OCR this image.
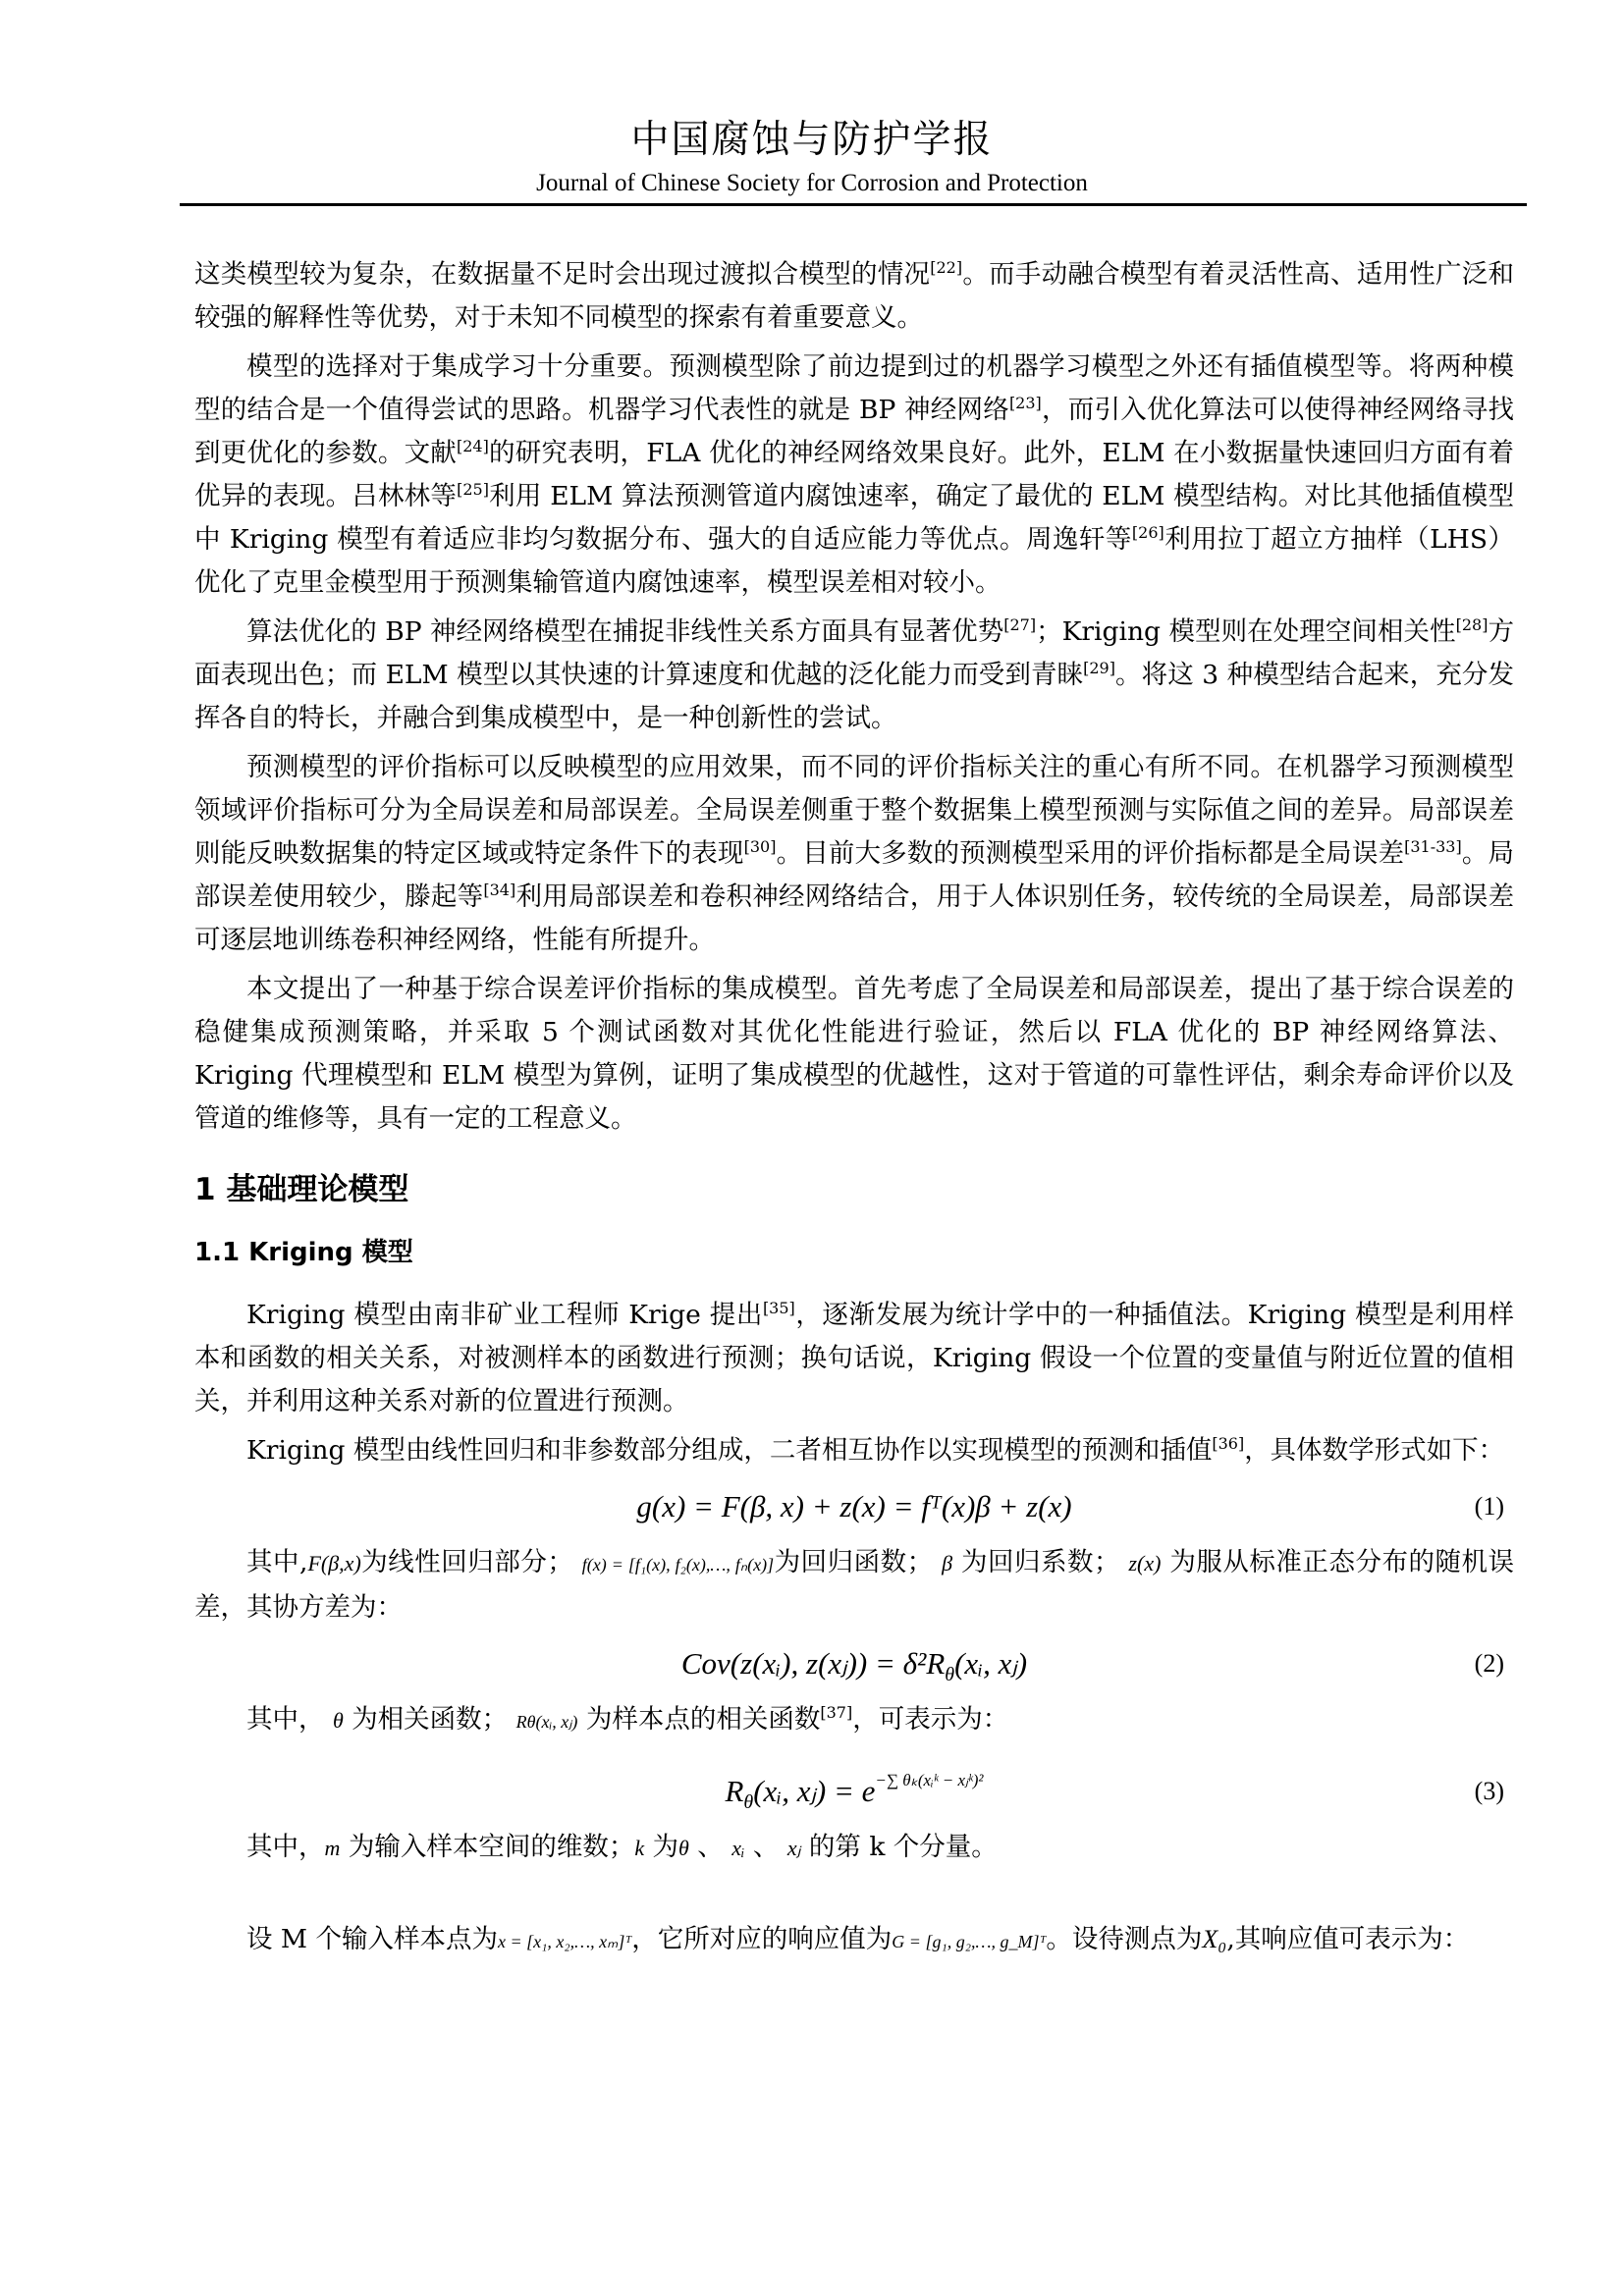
中国腐蚀与防护学报
Journal of Chinese Society for Corrosion and Protection

这类模型较为复杂，在数据量不足时会出现过渡拟合模型的情况[22]。而手动融合模型有着灵活性高、适用性广泛和较强的解释性等优势，对于未知不同模型的探索有着重要意义。

模型的选择对于集成学习十分重要。预测模型除了前边提到过的机器学习模型之外还有插值模型等。将两种模型的结合是一个值得尝试的思路。机器学习代表性的就是 BP 神经网络[23]，而引入优化算法可以使得神经网络寻找到更优化的参数。文献[24]的研究表明，FLA 优化的神经网络效果良好。此外，ELM 在小数据量快速回归方面有着优异的表现。吕林林等[25]利用 ELM 算法预测管道内腐蚀速率，确定了最优的 ELM 模型结构。对比其他插值模型中 Kriging 模型有着适应非均匀数据分布、强大的自适应能力等优点。周逸轩等[26]利用拉丁超立方抽样（LHS）优化了克里金模型用于预测集输管道内腐蚀速率，模型误差相对较小。

算法优化的 BP 神经网络模型在捕捉非线性关系方面具有显著优势[27]；Kriging 模型则在处理空间相关性[28]方面表现出色；而 ELM 模型以其快速的计算速度和优越的泛化能力而受到青睐[29]。将这 3 种模型结合起来，充分发挥各自的特长，并融合到集成模型中，是一种创新性的尝试。

预测模型的评价指标可以反映模型的应用效果，而不同的评价指标关注的重心有所不同。在机器学习预测模型领域评价指标可分为全局误差和局部误差。全局误差侧重于整个数据集上模型预测与实际值之间的差异。局部误差则能反映数据集的特定区域或特定条件下的表现[30]。目前大多数的预测模型采用的评价指标都是全局误差[31-33]。局部误差使用较少，滕起等[34]利用局部误差和卷积神经网络结合，用于人体识别任务，较传统的全局误差，局部误差可逐层地训练卷积神经网络，性能有所提升。

本文提出了一种基于综合误差评价指标的集成模型。首先考虑了全局误差和局部误差，提出了基于综合误差的稳健集成预测策略，并采取 5 个测试函数对其优化性能进行验证，然后以 FLA 优化的 BP 神经网络算法、Kriging 代理模型和 ELM 模型为算例，证明了集成模型的优越性，这对于管道的可靠性评估，剩余寿命评价以及管道的维修等，具有一定的工程意义。

1 基础理论模型
1.1 Kriging 模型

Kriging 模型由南非矿业工程师 Krige 提出[35]，逐渐发展为统计学中的一种插值法。Kriging 模型是利用样本和函数的相关关系，对被测样本的函数进行预测；换句话说，Kriging 假设一个位置的变量值与附近位置的值相关，并利用这种关系对新的位置进行预测。

Kriging 模型由线性回归和非参数部分组成，二者相互协作以实现模型的预测和插值[36]，具体数学形式如下：

g(x) = F(β, x) + z(x) = fᵀ(x)β + z(x)	(1)

其中,F(β,x)为线性回归部分； f(x) = [f₁(x), f₂(x),…, fₙ(x)]为回归函数； β 为回归系数； z(x) 为服从标准正态分布的随机误差，其协方差为：

Cov(z(xᵢ), z(xⱼ)) = $\delta^2R_\theta(xᵢ$, xⱼ)	(2)

其中， θ 为相关函数； Rθ(xᵢ, xⱼ) 为样本点的相关函数[37]，可表示为：

$R_\theta(xᵢ$, xⱼ) = $e^{-\sum \theta_k(xᵢᵏ - xⱼᵏ)^2}$	(3)

其中，m 为输入样本空间的维数；k 为θ 、 xᵢ 、 xⱼ 的第 k 个分量。

设 M 个输入样本点为x = [x₁, x₂,…, xₘ]ᵀ，它所对应的响应值为G = [g₁, g₂,…, g_M]ᵀ。设待测点为X₀,其响应值可表示为：
